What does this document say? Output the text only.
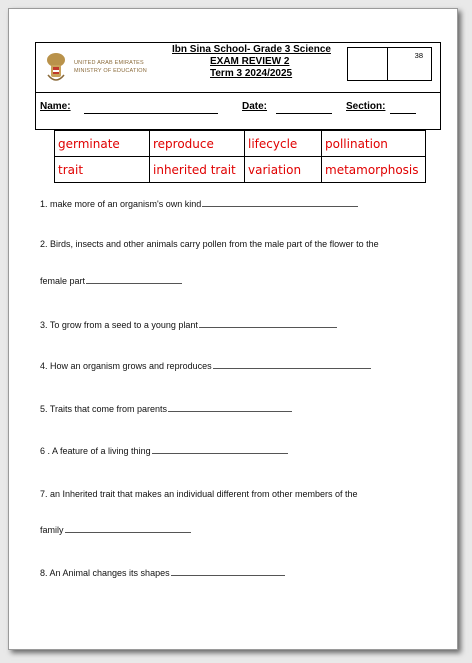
UNITED ARAB EMIRATES
MINISTRY OF EDUCATION
Ibn Sina School- Grade 3 Science
EXAM REVIEW 2
Term 3 2024/2025
38
Name:	Date:	Section:
germinate	reproduce	lifecycle	pollination
trait	inherited trait	variation	metamorphosis
1. make more of an organism's own kind
2. Birds, insects and other animals carry pollen from the male part of the flower to the
female part
3. To grow from a seed to a young plant
4. How an organism grows and reproduces
5. Traits that come from parents
6 . A feature of a living thing
7. an Inherited trait that makes an individual different from other members of the
family
8. An Animal changes its shapes
